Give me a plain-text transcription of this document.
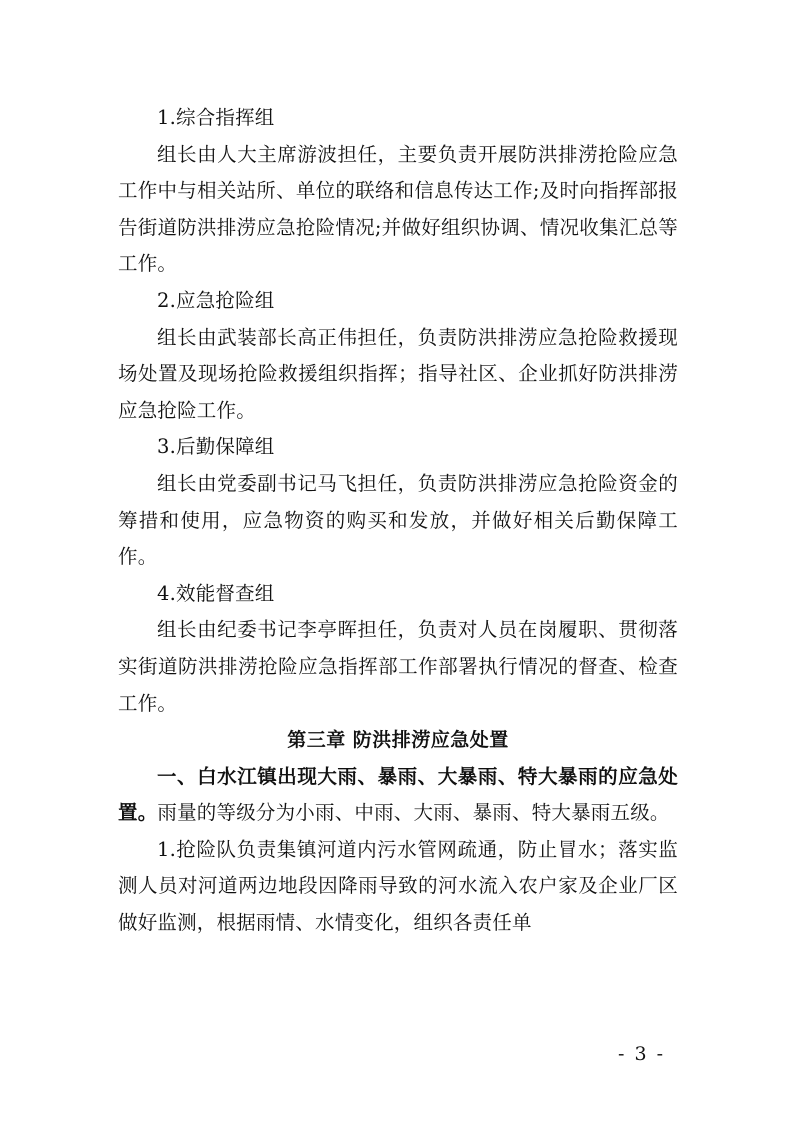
1.综合指挥组

组长由人大主席游波担任，主要负责开展防洪排涝抢险应急工作中与相关站所、单位的联络和信息传达工作;及时向指挥部报告街道防洪排涝应急抢险情况;并做好组织协调、情况收集汇总等工作。

2.应急抢险组

组长由武装部长高正伟担任，负责防洪排涝应急抢险救援现场处置及现场抢险救援组织指挥；指导社区、企业抓好防洪排涝应急抢险工作。

3.后勤保障组

组长由党委副书记马飞担任，负责防洪排涝应急抢险资金的筹措和使用，应急物资的购买和发放，并做好相关后勤保障工作。

4.效能督查组

组长由纪委书记李亭晖担任，负责对人员在岗履职、贯彻落实街道防洪排涝抢险应急指挥部工作部署执行情况的督查、检查工作。

第三章 防洪排涝应急处置

一、白水江镇出现大雨、暴雨、大暴雨、特大暴雨的应急处置。雨量的等级分为小雨、中雨、大雨、暴雨、特大暴雨五级。

1.抢险队负责集镇河道内污水管网疏通，防止冒水；落实监测人员对河道两边地段因降雨导致的河水流入农户家及企业厂区做好监测，根据雨情、水情变化，组织各责任单

- 3 -
